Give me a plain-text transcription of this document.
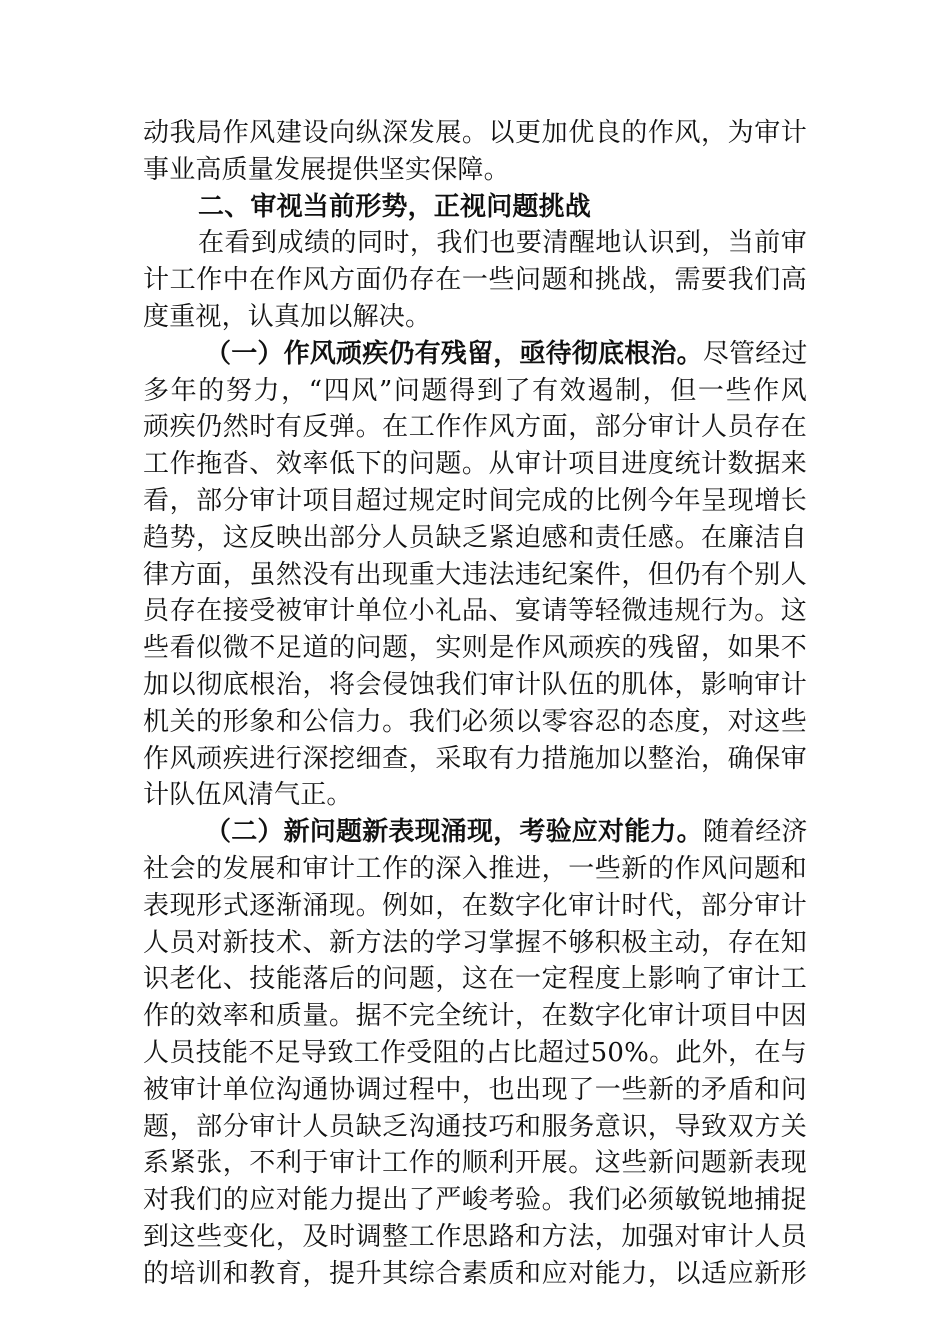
动我局作风建设向纵深发展。以更加优良的作风，为审计
事业高质量发展提供坚实保障。
二、审视当前形势，正视问题挑战
在看到成绩的同时，我们也要清醒地认识到，当前审
计工作中在作风方面仍存在一些问题和挑战，需要我们高
度重视，认真加以解决。
（一）作风顽疾仍有残留，亟待彻底根治。尽管经过
多年的努力，“四风”问题得到了有效遏制，但一些作风
顽疾仍然时有反弹。在工作作风方面，部分审计人员存在
工作拖沓、效率低下的问题。从审计项目进度统计数据来
看，部分审计项目超过规定时间完成的比例今年呈现增长
趋势，这反映出部分人员缺乏紧迫感和责任感。在廉洁自
律方面，虽然没有出现重大违法违纪案件，但仍有个别人
员存在接受被审计单位小礼品、宴请等轻微违规行为。这
些看似微不足道的问题，实则是作风顽疾的残留，如果不
加以彻底根治，将会侵蚀我们审计队伍的肌体，影响审计
机关的形象和公信力。我们必须以零容忍的态度，对这些
作风顽疾进行深挖细查，采取有力措施加以整治，确保审
计队伍风清气正。
（二）新问题新表现涌现，考验应对能力。随着经济
社会的发展和审计工作的深入推进，一些新的作风问题和
表现形式逐渐涌现。例如，在数字化审计时代，部分审计
人员对新技术、新方法的学习掌握不够积极主动，存在知
识老化、技能落后的问题，这在一定程度上影响了审计工
作的效率和质量。据不完全统计，在数字化审计项目中因
人员技能不足导致工作受阻的占比超过50%。此外，在与
被审计单位沟通协调过程中，也出现了一些新的矛盾和问
题，部分审计人员缺乏沟通技巧和服务意识，导致双方关
系紧张，不利于审计工作的顺利开展。这些新问题新表现
对我们的应对能力提出了严峻考验。我们必须敏锐地捕捉
到这些变化，及时调整工作思路和方法，加强对审计人员
的培训和教育，提升其综合素质和应对能力，以适应新形
